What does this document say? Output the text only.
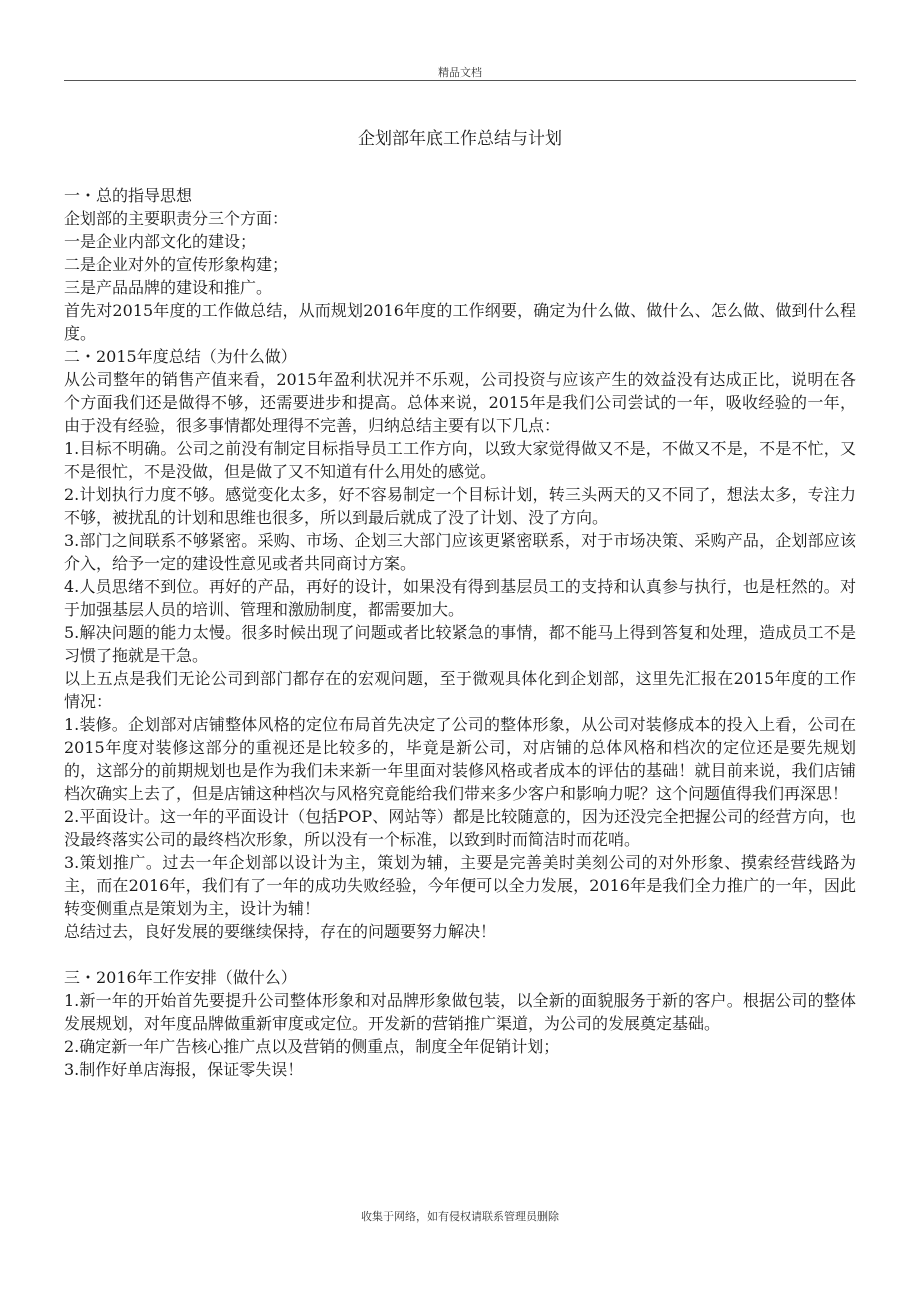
精品文档
企划部年底工作总结与计划

一・总的指导思想

企划部的主要职责分三个方面：

一是企业内部文化的建设；

二是企业对外的宣传形象构建；

三是产品品牌的建设和推广。

首先对2015年度的工作做总结，从而规划2016年度的工作纲要，确定为什么做、做什么、怎么做、做到什么程度。

二・2015年度总结（为什么做）

从公司整年的销售产值来看，2015年盈利状况并不乐观，公司投资与应该产生的效益没有达成正比，说明在各个方面我们还是做得不够，还需要进步和提高。总体来说，2015年是我们公司尝试的一年，吸收经验的一年，由于没有经验，很多事情都处理得不完善，归纳总结主要有以下几点：

1.目标不明确。公司之前没有制定目标指导员工工作方向，以致大家觉得做又不是，不做又不是，不是不忙，又不是很忙，不是没做，但是做了又不知道有什么用处的感觉。

2.计划执行力度不够。感觉变化太多，好不容易制定一个目标计划，转三头两天的又不同了，想法太多，专注力不够，被扰乱的计划和思维也很多，所以到最后就成了没了计划、没了方向。

3.部门之间联系不够紧密。采购、市场、企划三大部门应该更紧密联系，对于市场决策、采购产品，企划部应该介入，给予一定的建设性意见或者共同商讨方案。

4.人员思绪不到位。再好的产品，再好的设计，如果没有得到基层员工的支持和认真参与执行，也是枉然的。对于加强基层人员的培训、管理和激励制度，都需要加大。

5.解决问题的能力太慢。很多时候出现了问题或者比较紧急的事情，都不能马上得到答复和处理，造成员工不是习惯了拖就是干急。

以上五点是我们无论公司到部门都存在的宏观问题，至于微观具体化到企划部，这里先汇报在2015年度的工作情况：

1.装修。企划部对店铺整体风格的定位布局首先决定了公司的整体形象，从公司对装修成本的投入上看，公司在2015年度对装修这部分的重视还是比较多的，毕竟是新公司，对店铺的总体风格和档次的定位还是要先规划的，这部分的前期规划也是作为我们未来新一年里面对装修风格或者成本的评估的基础！就目前来说，我们店铺档次确实上去了，但是店铺这种档次与风格究竟能给我们带来多少客户和影响力呢？这个问题值得我们再深思！

2.平面设计。这一年的平面设计（包括POP、网站等）都是比较随意的，因为还没完全把握公司的经营方向，也没最终落实公司的最终档次形象，所以没有一个标准，以致到时而简洁时而花哨。

3.策划推广。过去一年企划部以设计为主，策划为辅，主要是完善美时美刻公司的对外形象、摸索经营线路为主，而在2016年，我们有了一年的成功失败经验，今年便可以全力发展，2016年是我们全力推广的一年，因此转变侧重点是策划为主，设计为辅！

总结过去，良好发展的要继续保持，存在的问题要努力解决！

三・2016年工作安排（做什么）

1.新一年的开始首先要提升公司整体形象和对品牌形象做包装，以全新的面貌服务于新的客户。根据公司的整体发展规划，对年度品牌做重新审度或定位。开发新的营销推广渠道，为公司的发展奠定基础。

2.确定新一年广告核心推广点以及营销的侧重点，制度全年促销计划；

3.制作好单店海报，保证零失误！

收集于网络，如有侵权请联系管理员删除
